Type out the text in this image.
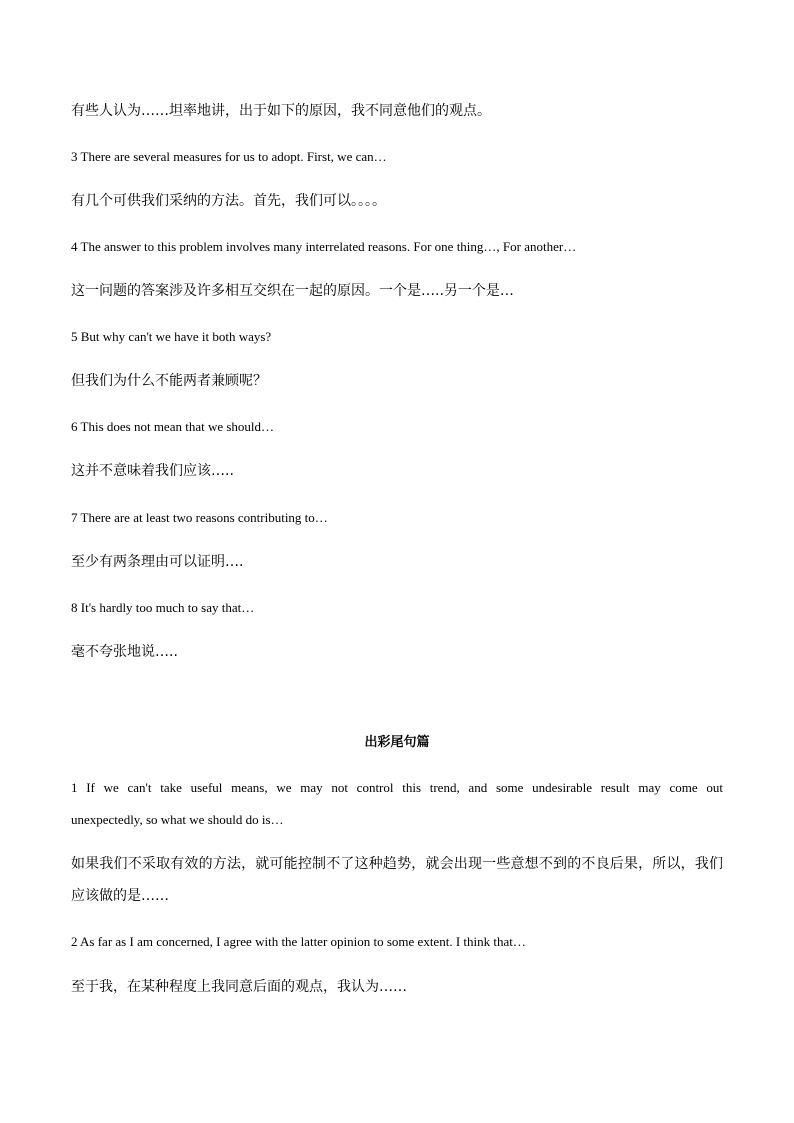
有些人认为……坦率地讲，出于如下的原因，我不同意他们的观点。
3 There are several measures for us to adopt. First, we can…
有几个可供我们采纳的方法。首先，我们可以。。。。
4 The answer to this problem involves many interrelated reasons. For one thing…, For another…
这一问题的答案涉及许多相互交织在一起的原因。一个是…..另一个是…
5 But why can't we have it both ways?
但我们为什么不能两者兼顾呢？
6 This does not mean that we should…
这并不意味着我们应该…..
7 There are at least two reasons contributing to…
至少有两条理由可以证明….
8 It's hardly too much to say that…
毫不夸张地说…..
出彩尾句篇
1 If we can't take useful means, we may not control this trend, and some undesirable result may come out
unexpectedly, so what we should do is…
如果我们不采取有效的方法，就可能控制不了这种趋势，就会出现一些意想不到的不良后果，所以，我们
应该做的是……
2 As far as I am concerned, I agree with the latter opinion to some extent. I think that…
至于我，在某种程度上我同意后面的观点，我认为……
